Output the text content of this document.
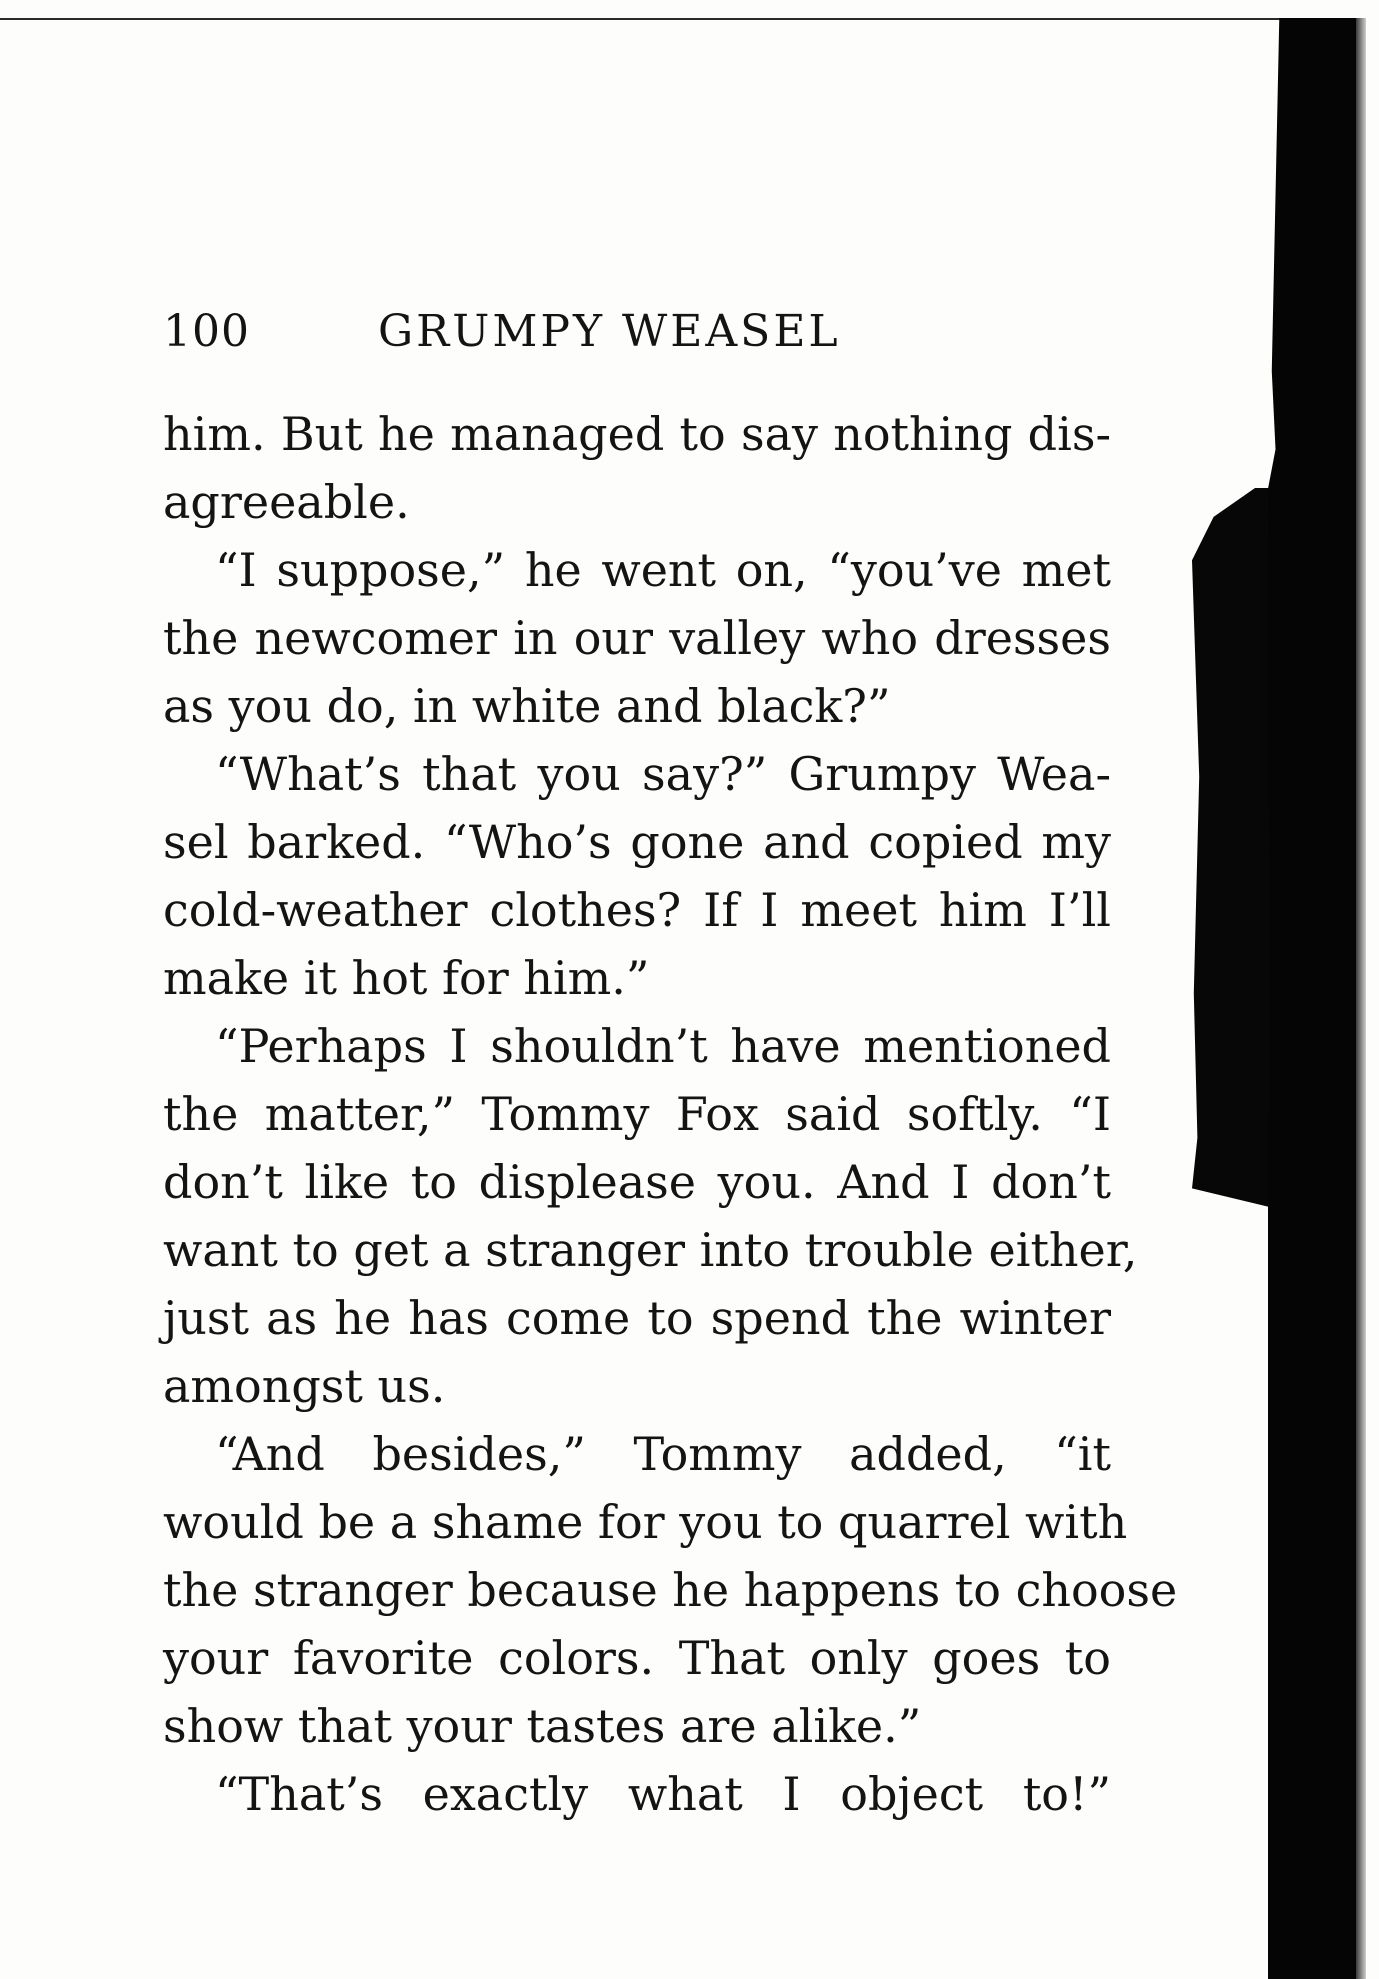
100	GRUMPY WEASEL
him. But he managed to say nothing dis-
agreeable.
“I suppose,” he went on, “you’ve met
the newcomer in our valley who dresses
as you do, in white and black?”
“What’s that you say?” Grumpy Wea-
sel barked. “Who’s gone and copied my
cold-weather clothes? If I meet him I’ll
make it hot for him.”
“Perhaps I shouldn’t have mentioned
the matter,” Tommy Fox said softly. “I
don’t like to displease you. And I don’t
want to get a stranger into trouble either,
just as he has come to spend the winter
amongst us.
“And besides,” Tommy added, “it
would be a shame for you to quarrel with
the stranger because he happens to choose
your favorite colors. That only goes to
show that your tastes are alike.”
“That’s exactly what I object to!”
